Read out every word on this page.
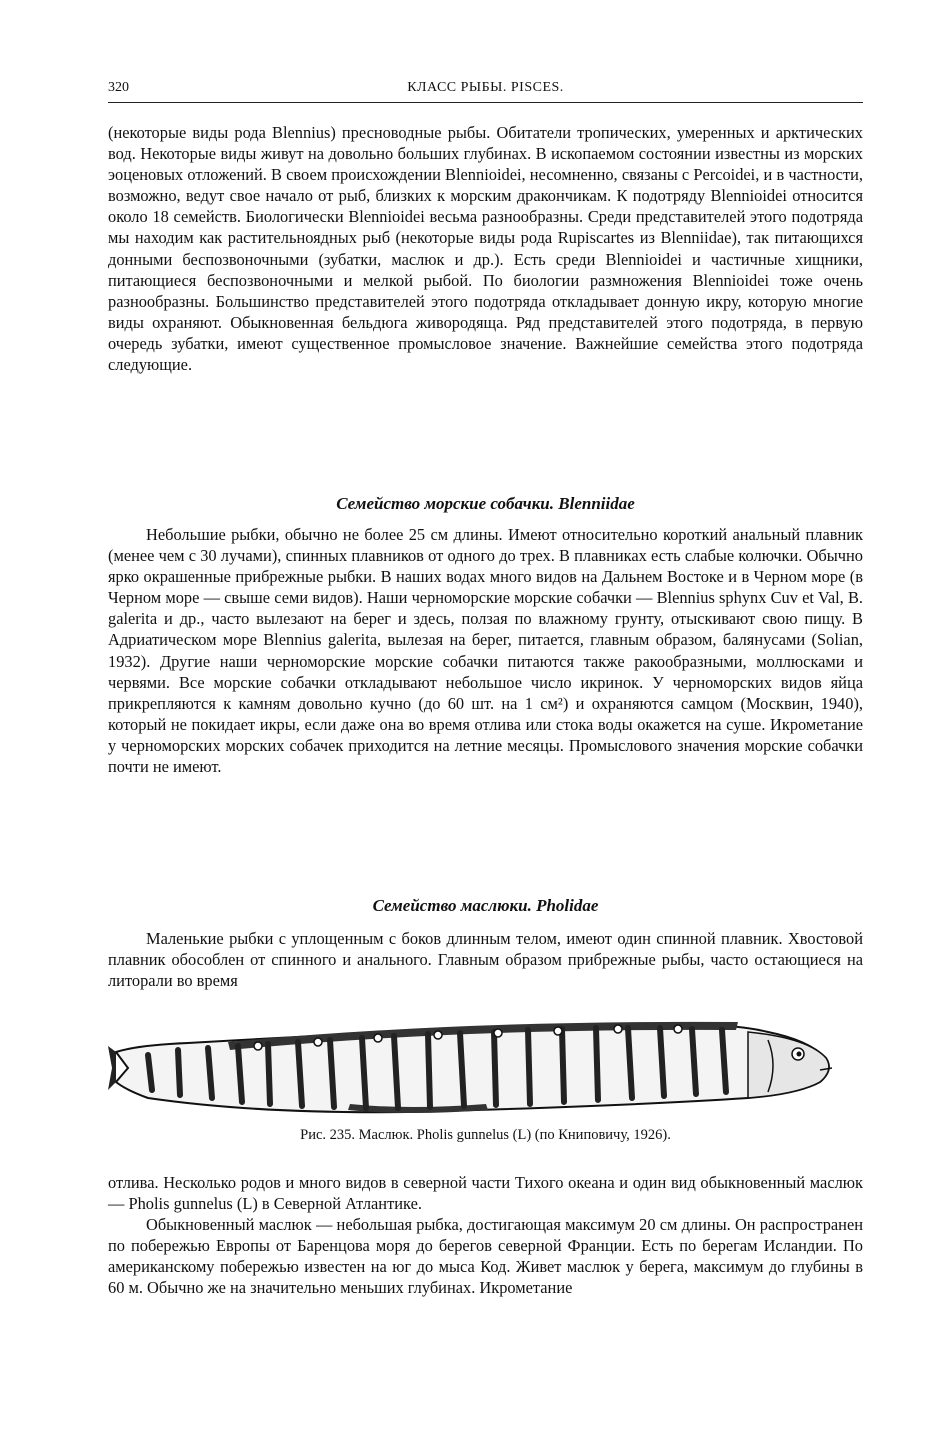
320	КЛАСС РЫБЫ. PISCES.

(некоторые виды рода Blennius) пресноводные рыбы. Обитатели тропических, умеренных и арктических вод. Некоторые виды живут на довольно больших глубинах. В ископаемом состоянии известны из морских эоценовых отложений. В своем происхождении Blennioidei, несомненно, связаны с Percoidei, и в частности, возможно, ведут свое начало от рыб, близких к морским дракончикам. К подотряду Blennioidei относится около 18 семейств. Биологически Blennioidei весьма разнообразны. Среди представителей этого подотряда мы находим как растительноядных рыб (некоторые виды рода Rupiscartes из Blenniidae), так питающихся донными беспозвоночными (зубатки, маслюк и др.). Есть среди Blennioidei и частичные хищники, питающиеся беспозвоночными и мелкой рыбой. По биологии размножения Blennioidei тоже очень разнообразны. Большинство представителей этого подотряда откладывает донную икру, которую многие виды охраняют. Обыкновенная бельдюга живородяща. Ряд представителей этого подотряда, в первую очередь зубатки, имеют существенное промысловое значение. Важнейшие семейства этого подотряда следующие.

Семейство морские собачки. Blenniidae

Небольшие рыбки, обычно не более 25 см длины. Имеют относительно короткий анальный плавник (менее чем с 30 лучами), спинных плавников от одного до трех. В плавниках есть слабые колючки. Обычно ярко окрашенные прибрежные рыбки. В наших водах много видов на Дальнем Востоке и в Черном море (в Черном море — свыше семи видов). Наши черноморские морские собачки — Blennius sphynx Cuv et Val, B. galerita и др., часто вылезают на берег и здесь, ползая по влажному грунту, отыскивают свою пищу. В Адриатическом море Blennius galerita, вылезая на берег, питается, главным образом, балянусами (Solian, 1932). Другие наши черноморские морские собачки питаются также ракообразными, моллюсками и червями. Все морские собачки откладывают небольшое число икринок. У черноморских видов яйца прикрепляются к камням довольно кучно (до 60 шт. на 1 см²) и охраняются самцом (Москвин, 1940), который не покидает икры, если даже она во время отлива или стока воды окажется на суше. Икрометание у черноморских морских собачек приходится на летние месяцы. Промыслового значения морские собачки почти не имеют.

Семейство маслюки. Pholidae

Маленькие рыбки с уплощенным с боков длинным телом, имеют один спинной плавник. Хвостовой плавник обособлен от спинного и анального. Главным образом прибрежные рыбы, часто остающиеся на литорали во время

Рис. 235. Маслюк. Pholis gunnelus (L) (по Книповичу, 1926).

отлива. Несколько родов и много видов в северной части Тихого океана и один вид обыкновенный маслюк — Pholis gunnelus (L) в Северной Атлантике.

Обыкновенный маслюк — небольшая рыбка, достигающая максимум 20 см длины. Он распространен по побережью Европы от Баренцова моря до берегов северной Франции. Есть по берегам Исландии. По американскому побережью известен на юг до мыса Код. Живет маслюк у берега, максимум до глубины в 60 м. Обычно же на значительно меньших глубинах. Икрометание
